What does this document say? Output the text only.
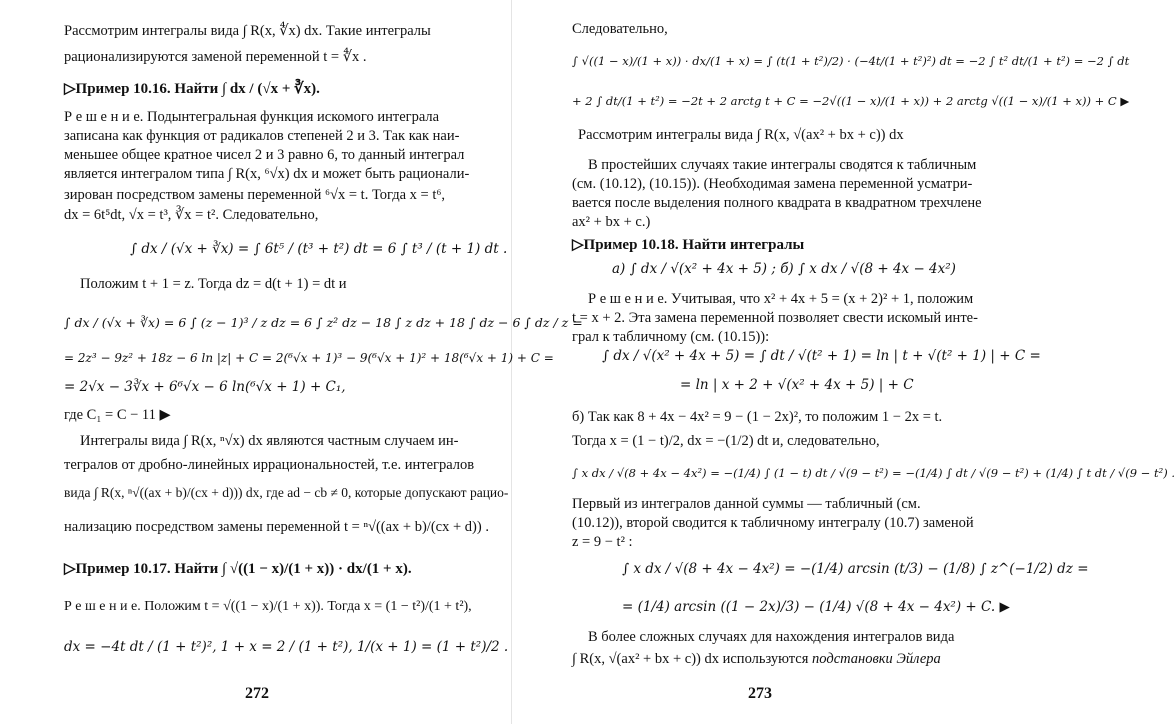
Рассмотрим интегралы вида ∫ R(x, ∜x) dx. Такие интегралы
рационализируются заменой переменной t = ∜x .
▷Пример 10.16. Найти ∫ dx / (√x + ∛x).
Р е ш е н и е. Подынтегральная функция искомого интеграла
записана как функция от радикалов степеней 2 и 3. Так как наи-
меньшее общее кратное чисел 2 и 3 равно 6, то данный интеграл
является интегралом типа ∫ R(x, ⁶√x) dx и может быть рационали-
зирован посредством замены переменной ⁶√x = t. Тогда x = t⁶,
dx = 6t⁵dt, √x = t³, ∛x = t². Следовательно,
∫ dx / (√x + ∛x) = ∫ 6t⁵ / (t³ + t²) dt = 6 ∫ t³ / (t + 1) dt .
Положим t + 1 = z. Тогда dz = d(t + 1) = dt и
∫ dx / (√x + ∛x) = 6 ∫ (z − 1)³ / z dz = 6 ∫ z² dz − 18 ∫ z dz + 18 ∫ dz − 6 ∫ dz / z =
= 2z³ − 9z² + 18z − 6 ln |z| + C = 2(⁶√x + 1)³ − 9(⁶√x + 1)² + 18(⁶√x + 1) + C =
= 2√x − 3∛x + 6⁶√x − 6 ln(⁶√x + 1) + C₁,
где C₁ = C − 11 ▶
Интегралы вида ∫ R(x, ⁿ√x) dx являются частным случаем ин-
тегралов от дробно-линейных иррациональностей, т.е. интегралов
вида ∫ R(x, ⁿ√((ax + b)/(cx + d))) dx, где ad − cb ≠ 0, которые допускают рацио-
нализацию посредством замены переменной t = ⁿ√((ax + b)/(cx + d)) .
▷Пример 10.17. Найти ∫ √((1 − x)/(1 + x)) · dx/(1 + x).
Р е ш е н и е. Положим t = √((1 − x)/(1 + x)). Тогда x = (1 − t²)/(1 + t²),
dx = −4t dt / (1 + t²)², 1 + x = 2 / (1 + t²), 1/(x + 1) = (1 + t²)/2 .
272
Следовательно,
∫ √((1 − x)/(1 + x)) · dx/(1 + x) = ∫ (t(1 + t²)/2) · (−4t/(1 + t²)²) dt = −2 ∫ t² dt/(1 + t²) = −2 ∫ dt
+ 2 ∫ dt/(1 + t²) = −2t + 2 arctg t + C = −2√((1 − x)/(1 + x)) + 2 arctg √((1 − x)/(1 + x)) + C ▶
Рассмотрим интегралы вида ∫ R(x, √(ax² + bx + c)) dx
В простейших случаях такие интегралы сводятся к табличным
(см. (10.12), (10.15)). (Необходимая замена переменной усматри-
вается после выделения полного квадрата в квадратном трехчлене
ax² + bx + c.)
▷Пример 10.18. Найти интегралы
а) ∫ dx / √(x² + 4x + 5) ; б) ∫ x dx / √(8 + 4x − 4x²)
Р е ш е н и е. Учитывая, что x² + 4x + 5 = (x + 2)² + 1, положим
t = x + 2. Эта замена переменной позволяет свести искомый инте-
грал к табличному (см. (10.15)):
∫ dx / √(x² + 4x + 5) = ∫ dt / √(t² + 1) = ln | t + √(t² + 1) | + C =
= ln | x + 2 + √(x² + 4x + 5) | + C
б) Так как 8 + 4x − 4x² = 9 − (1 − 2x)², то положим 1 − 2x = t.
Тогда x = (1 − t)/2, dx = −(1/2) dt и, следовательно,
∫ x dx / √(8 + 4x − 4x²) = −(1/4) ∫ (1 − t) dt / √(9 − t²) = −(1/4) ∫ dt / √(9 − t²) + (1/4) ∫ t dt / √(9 − t²) .
Первый из интегралов данной суммы — табличный (см.
(10.12)), второй сводится к табличному интегралу (10.7) заменой
z = 9 − t² :
∫ x dx / √(8 + 4x − 4x²) = −(1/4) arcsin (t/3) − (1/8) ∫ z^(−1/2) dz =
= (1/4) arcsin ((1 − 2x)/3) − (1/4) √(8 + 4x − 4x²) + C. ▶
В более сложных случаях для нахождения интегралов вида
∫ R(x, √(ax² + bx + c)) dx используются подстановки Эйлера
273
